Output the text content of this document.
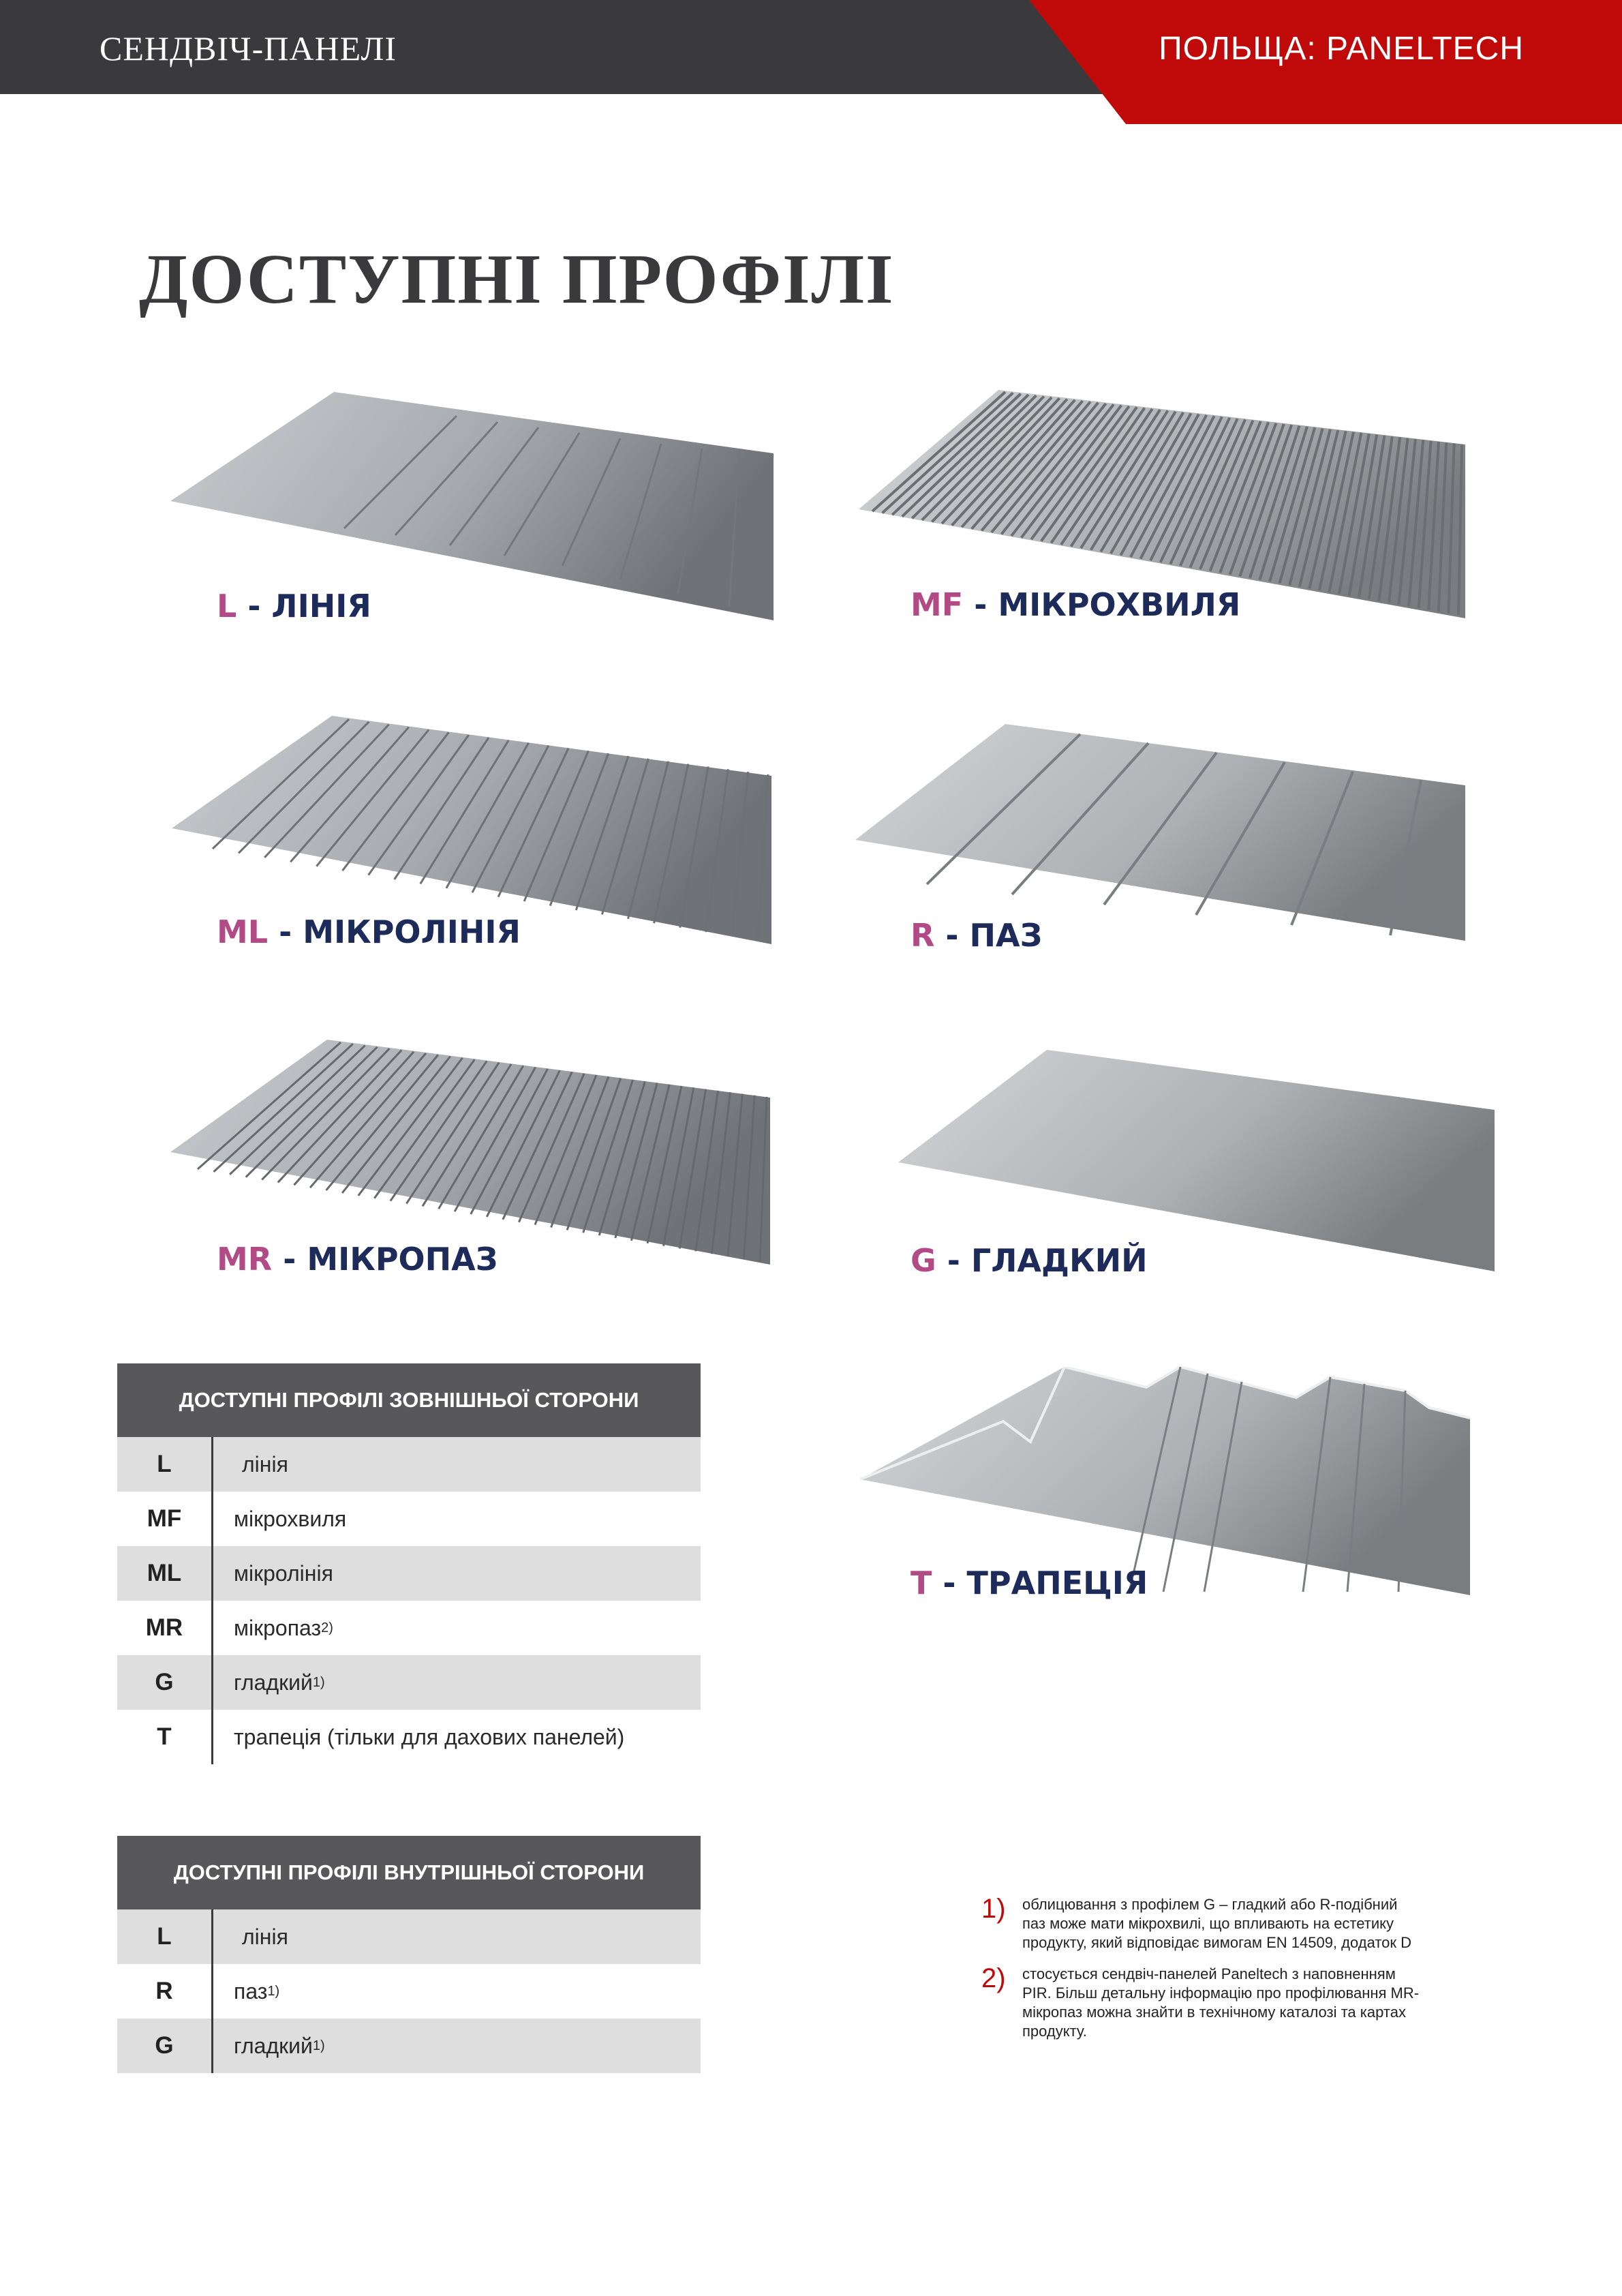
СЕНДВІЧ-ПАНЕЛІ	ПОЛЬЩА: PANELTECH
ДОСТУПНІ ПРОФІЛІ
L - ЛІНІЯ	MF - МІКРОХВИЛЯ
ML - МІКРОЛІНІЯ	R - ПАЗ
MR - МІКРОПАЗ	G - ГЛАДКИЙ
T - ТРАПЕЦІЯ
ДОСТУПНІ ПРОФІЛІ ЗОВНІШНЬОЇ СТОРОНИ
L	лінія
MF	мікрохвиля
ML	мікролінія
MR	мікропаз 2)
G	гладкий 1)
T	трапеція (тільки для дахових панелей)
ДОСТУПНІ ПРОФІЛІ ВНУТРІШНЬОЇ СТОРОНИ
L	лінія
R	паз 1)
G	гладкий 1)
1)	облицювання з профілем G – гладкий або R-подібний паз може мати мікрохвилі, що впливають на естетику продукту, який відповідає вимогам EN 14509, додаток D
2)	стосується сендвіч-панелей Paneltech з наповненням PIR. Більш детальну інформацію про профілювання MR-мікропаз можна знайти в технічному каталозі та картах продукту.
